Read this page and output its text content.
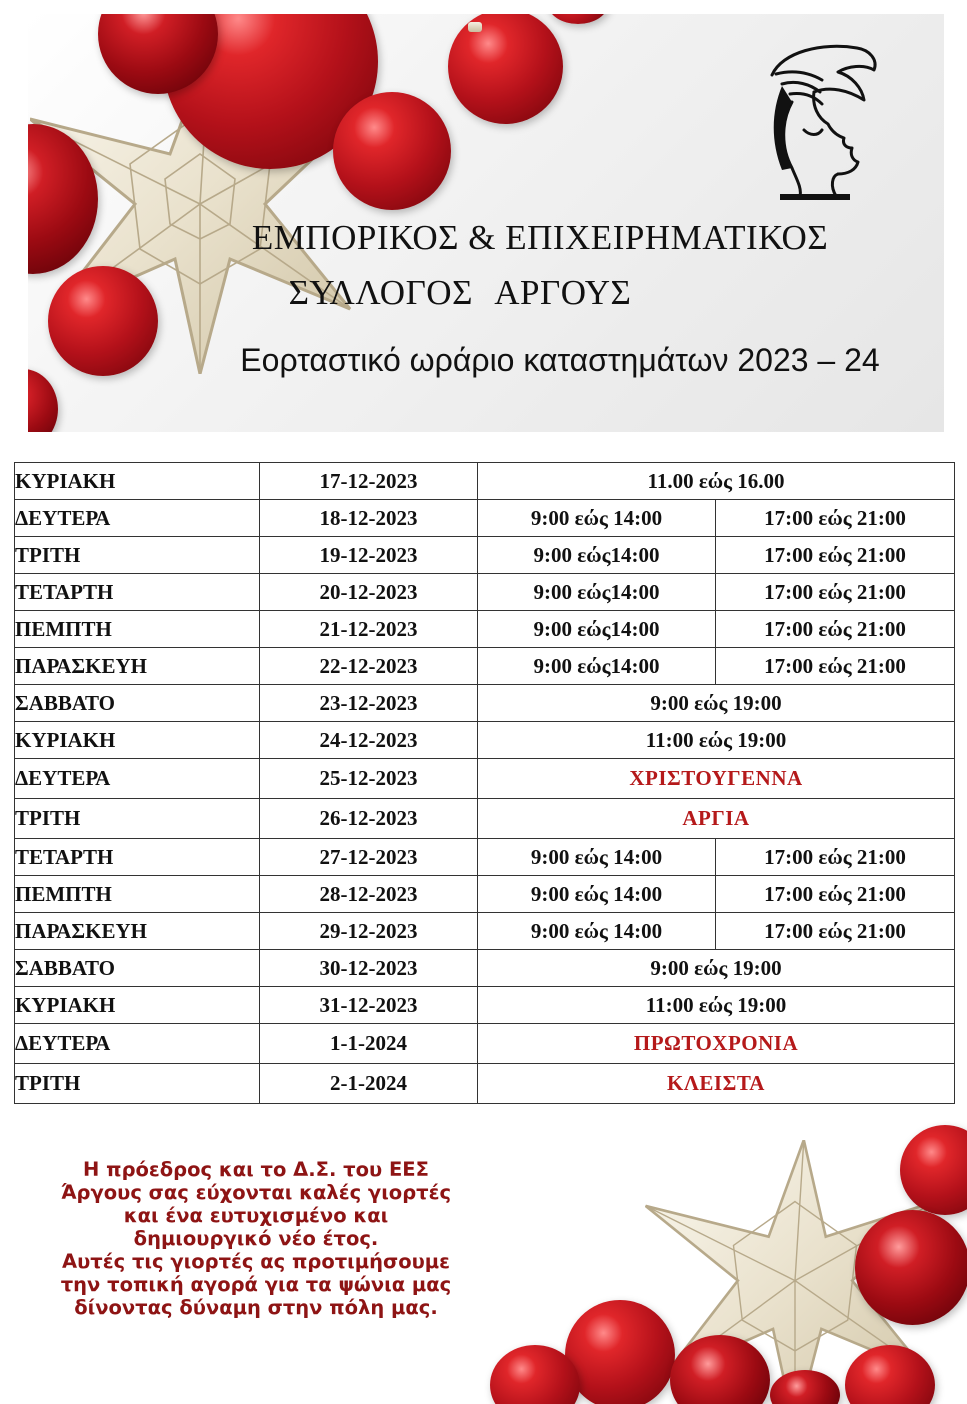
ΕΜΠΟΡΙΚΟΣ & ΕΠΙΧΕΙΡΗΜΑΤΙΚΟΣ
ΣΥΛΛΟΓΟΣ ΑΡΓΟΥΣ
Εορταστικό ωράριο καταστημάτων 2023 – 24
ΚΥΡΙΑΚΗ	17-12-2023	11.00 εώς 16.00	
ΔΕΥΤΕΡΑ	18-12-2023	9:00 εώς 14:00	17:00 εώς 21:00
ΤΡΙΤΗ	19-12-2023	9:00 εώς14:00	17:00 εώς 21:00
ΤΕΤΑΡΤΗ	20-12-2023	9:00 εώς14:00	17:00 εώς 21:00
ΠΕΜΠΤΗ	21-12-2023	9:00 εώς14:00	17:00 εώς 21:00
ΠΑΡΑΣΚΕΥΗ	22-12-2023	9:00 εώς14:00	17:00 εώς 21:00
ΣΑΒΒΑΤΟ	23-12-2023	9:00 εώς 19:00	
ΚΥΡΙΑΚΗ	24-12-2023	11:00 εώς 19:00	
ΔΕΥΤΕΡΑ	25-12-2023	ΧΡΙΣΤΟΥΓΕΝΝΑ	
ΤΡΙΤΗ	26-12-2023	ΑΡΓΙΑ	
ΤΕΤΑΡΤΗ	27-12-2023	9:00 εώς 14:00	17:00 εώς 21:00
ΠΕΜΠΤΗ	28-12-2023	9:00 εώς 14:00	17:00 εώς 21:00
ΠΑΡΑΣΚΕΥΗ	29-12-2023	9:00 εώς 14:00	17:00 εώς 21:00
ΣΑΒΒΑΤΟ	30-12-2023	9:00 εώς 19:00	
ΚΥΡΙΑΚΗ	31-12-2023	11:00 εώς 19:00	
ΔΕΥΤΕΡΑ	1-1-2024	ΠΡΩΤΟΧΡΟΝΙΑ	
ΤΡΙΤΗ	2-1-2024	ΚΛΕΙΣΤΑ	
Η πρόεδρος και το Δ.Σ. του ΕΕΣ
Άργους σας εύχονται καλές γιορτές
και ένα ευτυχισμένο και
δημιουργικό νέο έτος.
Αυτές τις γιορτές ας προτιμήσουμε
την τοπική αγορά για τα ψώνια μας
δίνοντας δύναμη στην πόλη μας.
